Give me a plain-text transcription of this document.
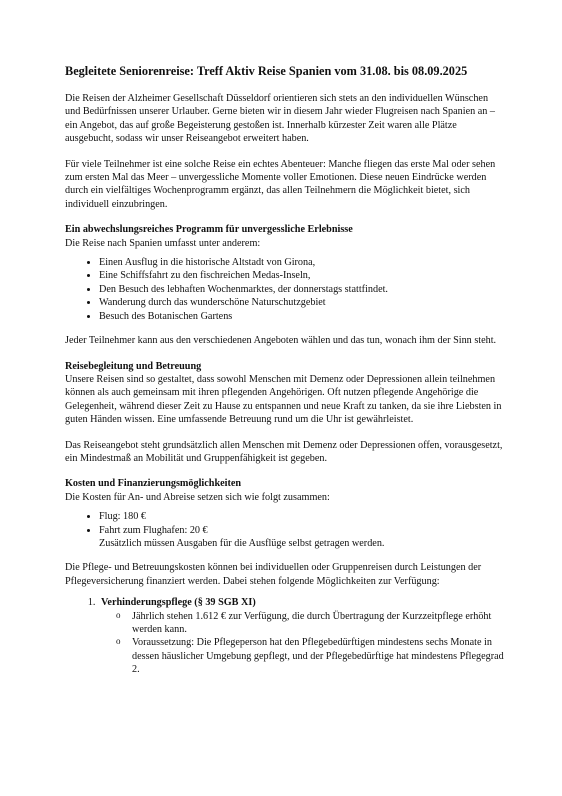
Begleitete Seniorenreise: Treff Aktiv Reise Spanien vom 31.08. bis 08.09.2025

Die Reisen der Alzheimer Gesellschaft Düsseldorf orientieren sich stets an den individuellen Wünschen und Bedürfnissen unserer Urlauber. Gerne bieten wir in diesem Jahr wieder Flugreisen nach Spanien an – ein Angebot, das auf große Begeisterung gestoßen ist. Innerhalb kürzester Zeit waren alle Plätze ausgebucht, sodass wir unser Reiseangebot erweitert haben.

Für viele Teilnehmer ist eine solche Reise ein echtes Abenteuer: Manche fliegen das erste Mal oder sehen zum ersten Mal das Meer – unvergessliche Momente voller Emotionen. Diese neuen Eindrücke werden durch ein vielfältiges Wochenprogramm ergänzt, das allen Teilnehmern die Möglichkeit bietet, sich individuell einzubringen.

Ein abwechslungsreiches Programm für unvergessliche Erlebnisse

Die Reise nach Spanien umfasst unter anderem:

• Einen Ausflug in die historische Altstadt von Girona,
• Eine Schiffsfahrt zu den fischreichen Medas-Inseln,
• Den Besuch des lebhaften Wochenmarktes, der donnerstags stattfindet.
• Wanderung durch das wunderschöne Naturschutzgebiet
• Besuch des Botanischen Gartens

Jeder Teilnehmer kann aus den verschiedenen Angeboten wählen und das tun, wonach ihm der Sinn steht.

Reisebegleitung und Betreuung

Unsere Reisen sind so gestaltet, dass sowohl Menschen mit Demenz oder Depressionen allein teilnehmen können als auch gemeinsam mit ihren pflegenden Angehörigen. Oft nutzen pflegende Angehörige die Gelegenheit, während dieser Zeit zu Hause zu entspannen und neue Kraft zu tanken, da sie ihre Liebsten in guten Händen wissen. Eine umfassende Betreuung rund um die Uhr ist gewährleistet.

Das Reiseangebot steht grundsätzlich allen Menschen mit Demenz oder Depressionen offen, vorausgesetzt, ein Mindestmaß an Mobilität und Gruppenfähigkeit ist gegeben.

Kosten und Finanzierungsmöglichkeiten

Die Kosten für An- und Abreise setzen sich wie folgt zusammen:

• Flug: 180 €
• Fahrt zum Flughafen: 20 €
Zusätzlich müssen Ausgaben für die Ausflüge selbst getragen werden.

Die Pflege- und Betreuungskosten können bei individuellen oder Gruppenreisen durch Leistungen der Pflegeversicherung finanziert werden. Dabei stehen folgende Möglichkeiten zur Verfügung:

1. Verhinderungspflege (§ 39 SGB XI)
o Jährlich stehen 1.612 € zur Verfügung, die durch Übertragung der Kurzzeitpflege erhöht werden kann.
o Voraussetzung: Die Pflegeperson hat den Pflegebedürftigen mindestens sechs Monate in dessen häuslicher Umgebung gepflegt, und der Pflegebedürftige hat mindestens Pflegegrad 2.
